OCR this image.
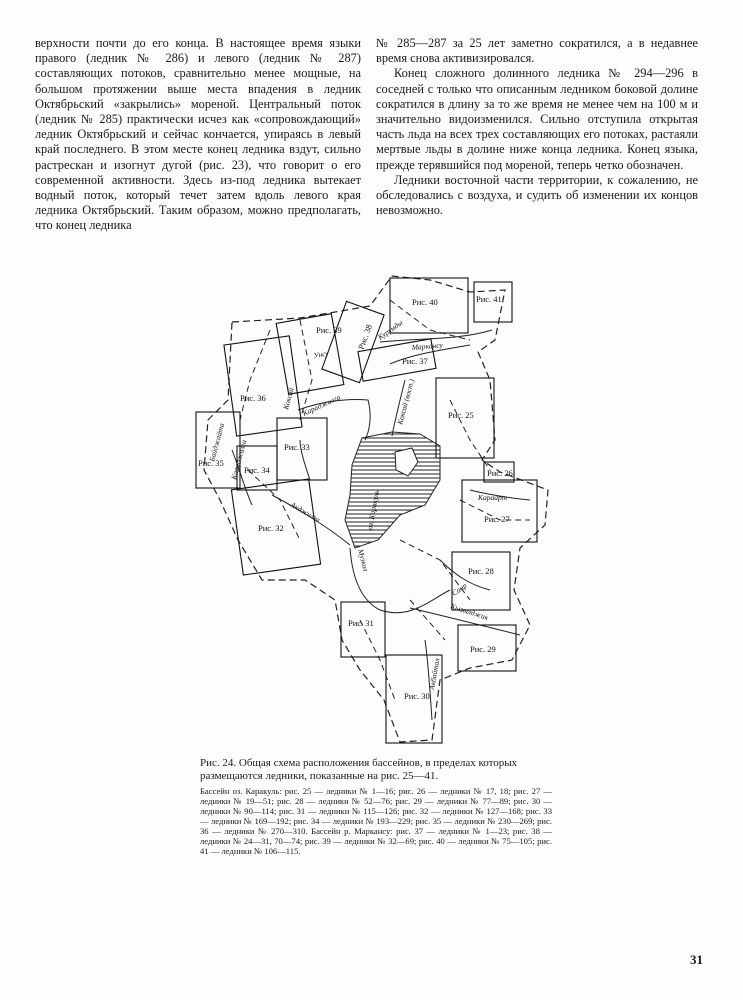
верхности почти до его конца. В настоящее время языки правого (ледник № 286) и левого (ледник № 287) составляющих потоков, сравнительно менее мощные, на большом протяжении выше места впадения в ледник Октябрьский «закрылись» мореной. Центральный поток (ледник № 285) практически исчез как «сопровождающий» ледник Октябрьский и сейчас кончается, упираясь в левый край последнего. В этом месте конец ледника вздут, сильно растрескан и изогнут дугой (рис. 23), что говорит о его современной активности. Здесь из-под ледника вытекает водный поток, который течет затем вдоль левого края ледника Октябрьский. Таким образом, можно предполагать, что конец ледника

№ 285—287 за 25 лет заметно сократился, а в недавнее время снова активизировался.

Конец сложного долинного ледника № 294—296 в соседней с только что описанным ледником боковой долине сократился в длину за то же время не менее чем на 100 м и значительно видоизменился. Сильно отступила открытая часть льда на всех трех составляющих его потоках, растаяли мертвые льды в долине ниже конца ледника. Конец языка, прежде терявшийся под мореной, теперь четко обозначен.

Ледники восточной части территории, к сожалению, не обследовались с воздуха, и судить об изменении их концов невозможно.

Рис. 40	Рис. 41
Рис. 25
Рис. 26
Рис. 27
Рис. 28
Рис. 29
Рис. 30
Рис. 31
Рис. 32
Рис. 33
Рис. 34
Рис. 35
Рис. 36
Рис. 37
Рис. 38
Рис. 39
Маркансу
Караарт
Коксай	Коксай (вост.)
Караджилга
Курумды
Унсу
Байджайта Караджилга
Акджилга
Музкол
Саор
Кызылджик
Акбайтал
оз. Каракуль

Рис. 24. Общая схема расположения бассейнов, в пределах которых размещаются ледники, показанные на рис. 25—41.

Бассейн оз. Каракуль: рис. 25 — ледники № 1—16; рис. 26 — ледники № 17, 18; рис. 27 — ледники № 19—51; рис. 28 — ледники № 52—76; рис. 29 — ледники № 77—89; рис. 30 — ледники № 90—114; рис. 31 — ледники № 115—126; рис. 32 — ледники № 127—168; рис. 33 — ледники № 169—192; рис. 34 — ледники № 193—229; рис. 35 — ледники № 230—269; рис. 36 — ледники № 270—310. Бассейн р. Маркансу: рис. 37 — ледники № 1—23; рис. 38 — ледники № 24—31, 70—74; рис. 39 — ледники № 32—69; рис. 40 — ледники № 75—105; рис. 41 — ледники № 106—115.

31
